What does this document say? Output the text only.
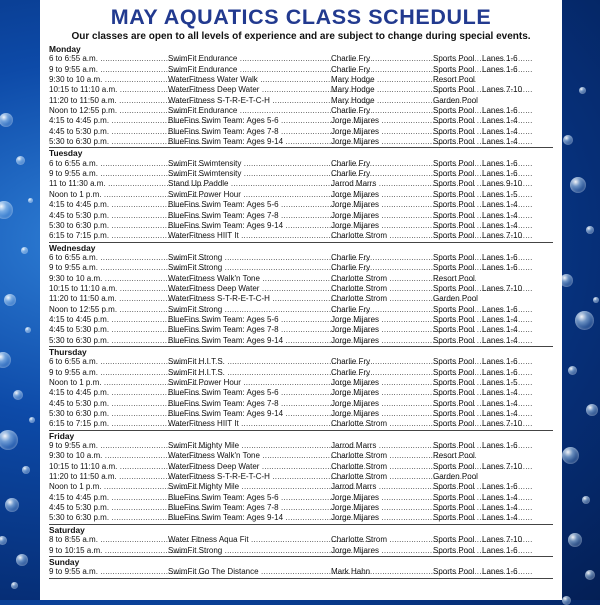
MAY AQUATICS CLASS SCHEDULE
Our classes are open to all levels of experience and are subject to change during special events.
Monday
6 to 6:55 a.m. .....	SwimFit Endurance .....	Charlie Fry .....	Sports Pool ..... Lanes 1-6
9 to 9:55 a.m. .....	SwimFit Endurance .....	Charlie Fry .....	Sports Pool ..... Lanes 1-6
9:30 to 10 a.m. .....	WaterFitness Water Walk .....	Mary Hodge .....	Resort Pool
10:15 to 11:10 a.m. .....	WaterFitness Deep Water .....	Mary Hodge .....	Sports Pool ..... Lanes 7-10
11:20 to 11:50 a.m. .....	WaterFitness S-T-R-E-T-C-H .....	Mary Hodge .....	Garden Pool
Noon to 12:55 p.m. .....	SwimFit Endurance .....	Charlie Fry .....	Sports Pool ..... Lanes 1-6
4:15 to 4:45 p.m. .....	BlueFins Swim Team: Ages 5-6 .....	Jorge Mijares .....	Sports Pool ..... Lanes 1-4
4:45 to 5:30 p.m. .....	BlueFins Swim Team: Ages 7-8 .....	Jorge Mijares .....	Sports Pool ..... Lanes 1-4
5:30 to 6:30 p.m. .....	BlueFins Swim Team: Ages 9-14 .....	Jorge Mijares .....	Sports Pool ..... Lanes 1-4
Tuesday
6 to 6:55 a.m. .....	SwimFit Swimtensity .....	Charlie Fry .....	Sports Pool ..... Lanes 1-6
9 to 9:55 a.m. .....	SwimFit Swimtensity .....	Charlie Fry .....	Sports Pool ..... Lanes 1-6
11 to 11:30 a.m. .....	Stand Up Paddle .....	Jarrod Marrs .....	Sports Pool ..... Lanes 9-10
Noon to 1 p.m. .....	SwimFit Power Hour .....	Jorge Mijares .....	Sports Pool ..... Lanes 1-5
4:15 to 4:45 p.m. .....	BlueFins Swim Team: Ages 5-6 .....	Jorge Mijares .....	Sports Pool ..... Lanes 1-4
4:45 to 5:30 p.m. .....	BlueFins Swim Team: Ages 7-8 .....	Jorge Mijares .....	Sports Pool ..... Lanes 1-4
5:30 to 6:30 p.m. .....	BlueFins Swim Team: Ages 9-14 .....	Jorge Mijares .....	Sports Pool ..... Lanes 1-4
6:15 to 7:15 p.m. .....	WaterFitness HIIT It .....	Charlotte Strom .....	Sports Pool ..... Lanes 7-10
Wednesday
6 to 6:55 a.m. .....	SwimFit Strong .....	Charlie Fry .....	Sports Pool ..... Lanes 1-6
9 to 9:55 a.m. .....	SwimFit Strong .....	Charlie Fry .....	Sports Pool ..... Lanes 1-6
9:30 to 10 a.m. .....	WaterFitness Walk'n Tone .....	Charlotte Strom .....	Resort Pool
10:15 to 11:10 a.m. .....	WaterFitness Deep Water .....	Charlotte Strom .....	Sports Pool ..... Lanes 7-10
11:20 to 11:50 a.m. .....	WaterFitness S-T-R-E-T-C-H .....	Charlotte Strom .....	Garden Pool
Noon to 12:55 p.m. .....	SwimFit Strong .....	Charlie Fry .....	Sports Pool ..... Lanes 1-6
4:15 to 4:45 p.m. .....	BlueFins Swim Team: Ages 5-6 .....	Jorge Mijares .....	Sports Pool ..... Lanes 1-4
4:45 to 5:30 p.m. .....	BlueFins Swim Team: Ages 7-8 .....	Jorge Mijares .....	Sports Pool ..... Lanes 1-4
5:30 to 6:30 p.m. .....	BlueFins Swim Team: Ages 9-14 .....	Jorge Mijares .....	Sports Pool ..... Lanes 1-4
Thursday
6 to 6:55 a.m. .....	SwimFit H.I.T.S. .....	Charlie Fry .....	Sports Pool ..... Lanes 1-6
9 to 9:55 a.m. .....	SwimFit H.I.T.S. .....	Charlie Fry .....	Sports Pool ..... Lanes 1-6
Noon to 1 p.m. .....	SwimFit Power Hour .....	Jorge Mijares .....	Sports Pool ..... Lanes 1-5
4:15 to 4:45 p.m. .....	BlueFins Swim Team: Ages 5-6 .....	Jorge Mijares .....	Sports Pool ..... Lanes 1-4
4:45 to 5:30 p.m. .....	BlueFins Swim Team: Ages 7-8 .....	Jorge Mijares .....	Sports Pool ..... Lanes 1-4
5:30 to 6:30 p.m. .....	BlueFins Swim Team: Ages 9-14 .....	Jorge Mijares .....	Sports Pool ..... Lanes 1-4
6:15 to 7:15 p.m. .....	WaterFitness HIIT It .....	Charlotte Strom .....	Sports Pool ..... Lanes 7-10
Friday
9 to 9:55 a.m. .....	SwimFit Mighty Mile .....	Jarrod Marrs .....	Sports Pool ..... Lanes 1-6
9:30 to 10 a.m. .....	WaterFitness Walk'n Tone .....	Charlotte Strom .....	Resort Pool
10:15 to 11:10 a.m. .....	WaterFitness Deep Water .....	Charlotte Strom .....	Sports Pool ..... Lanes 7-10
11:20 to 11:50 a.m. .....	WaterFitness S-T-R-E-T-C-H .....	Charlotte Strom .....	Garden Pool
Noon to 1 p.m. .....	SwimFit Mighty Mile .....	Jarrod Marrs .....	Sports Pool ..... Lanes 1-6
4:15 to 4:45 p.m. .....	BlueFins Swim Team: Ages 5-6 .....	Jorge Mijares .....	Sports Pool ..... Lanes 1-4
4:45 to 5:30 p.m. .....	BlueFins Swim Team: Ages 7-8 .....	Jorge Mijares .....	Sports Pool ..... Lanes 1-4
5:30 to 6:30 p.m. .....	BlueFins Swim Team: Ages 9-14 .....	Jorge Mijares .....	Sports Pool ..... Lanes 1-4
Saturday
8 to 8:55 a.m. .....	Water Fitness Aqua Fit .....	Charlotte Strom .....	Sports Pool ..... Lanes 7-10
9 to 10:15 a.m. .....	SwimFit Strong .....	Jorge Mijares .....	Sports Pool ..... Lanes 1-6
Sunday
9 to 9:55 a.m. .....	SwimFit Go The Distance .....	Mark Hahn .....	Sports Pool ..... Lanes 1-6
